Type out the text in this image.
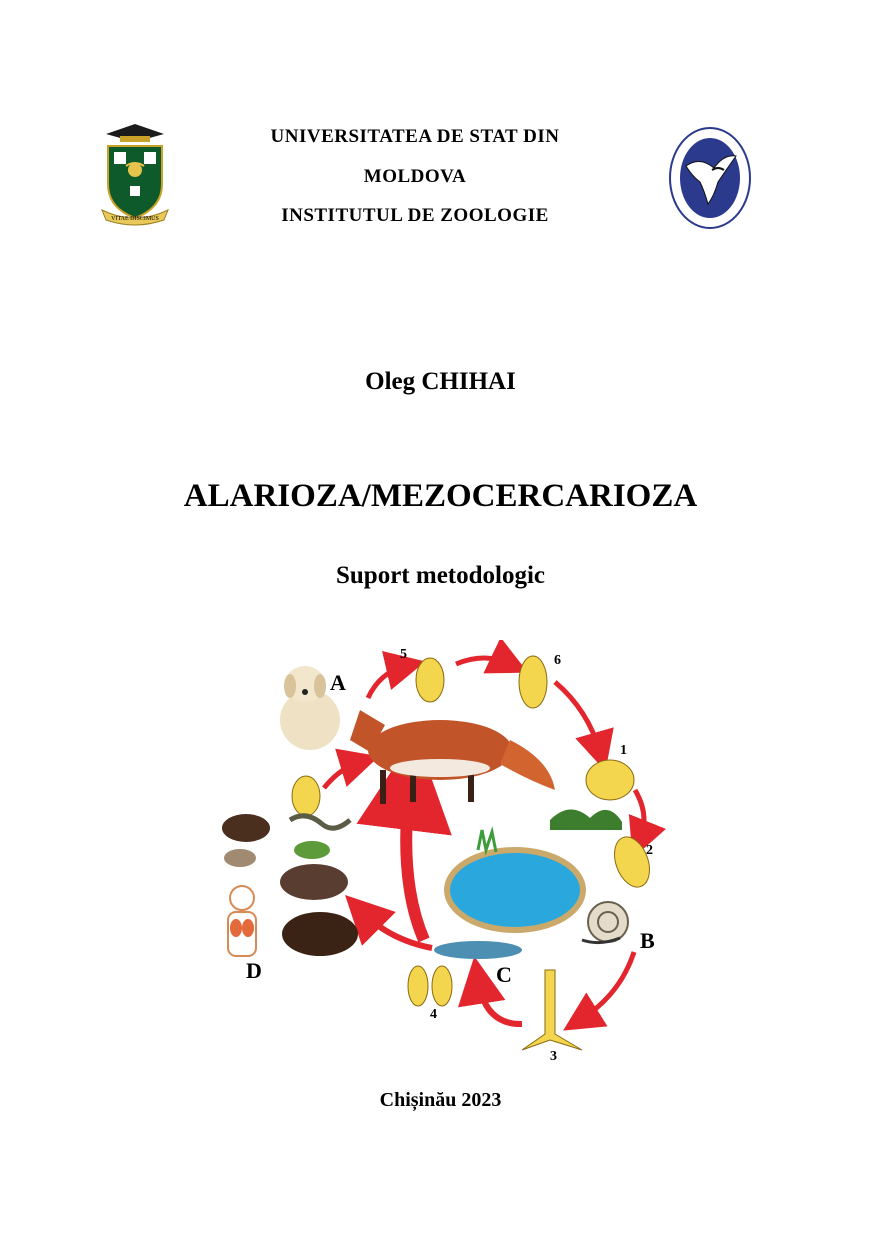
VITAE DISCIMUS
UNIVERSITATEA DE STAT DIN
MOLDOVA
INSTITUTUL DE ZOOLOGIE
Oleg CHIHAI
ALARIOZA/MEZOCERCARIOZA
Suport metodologic
A
B
C
D
5	6
1
2
4
3
Chișinău 2023
